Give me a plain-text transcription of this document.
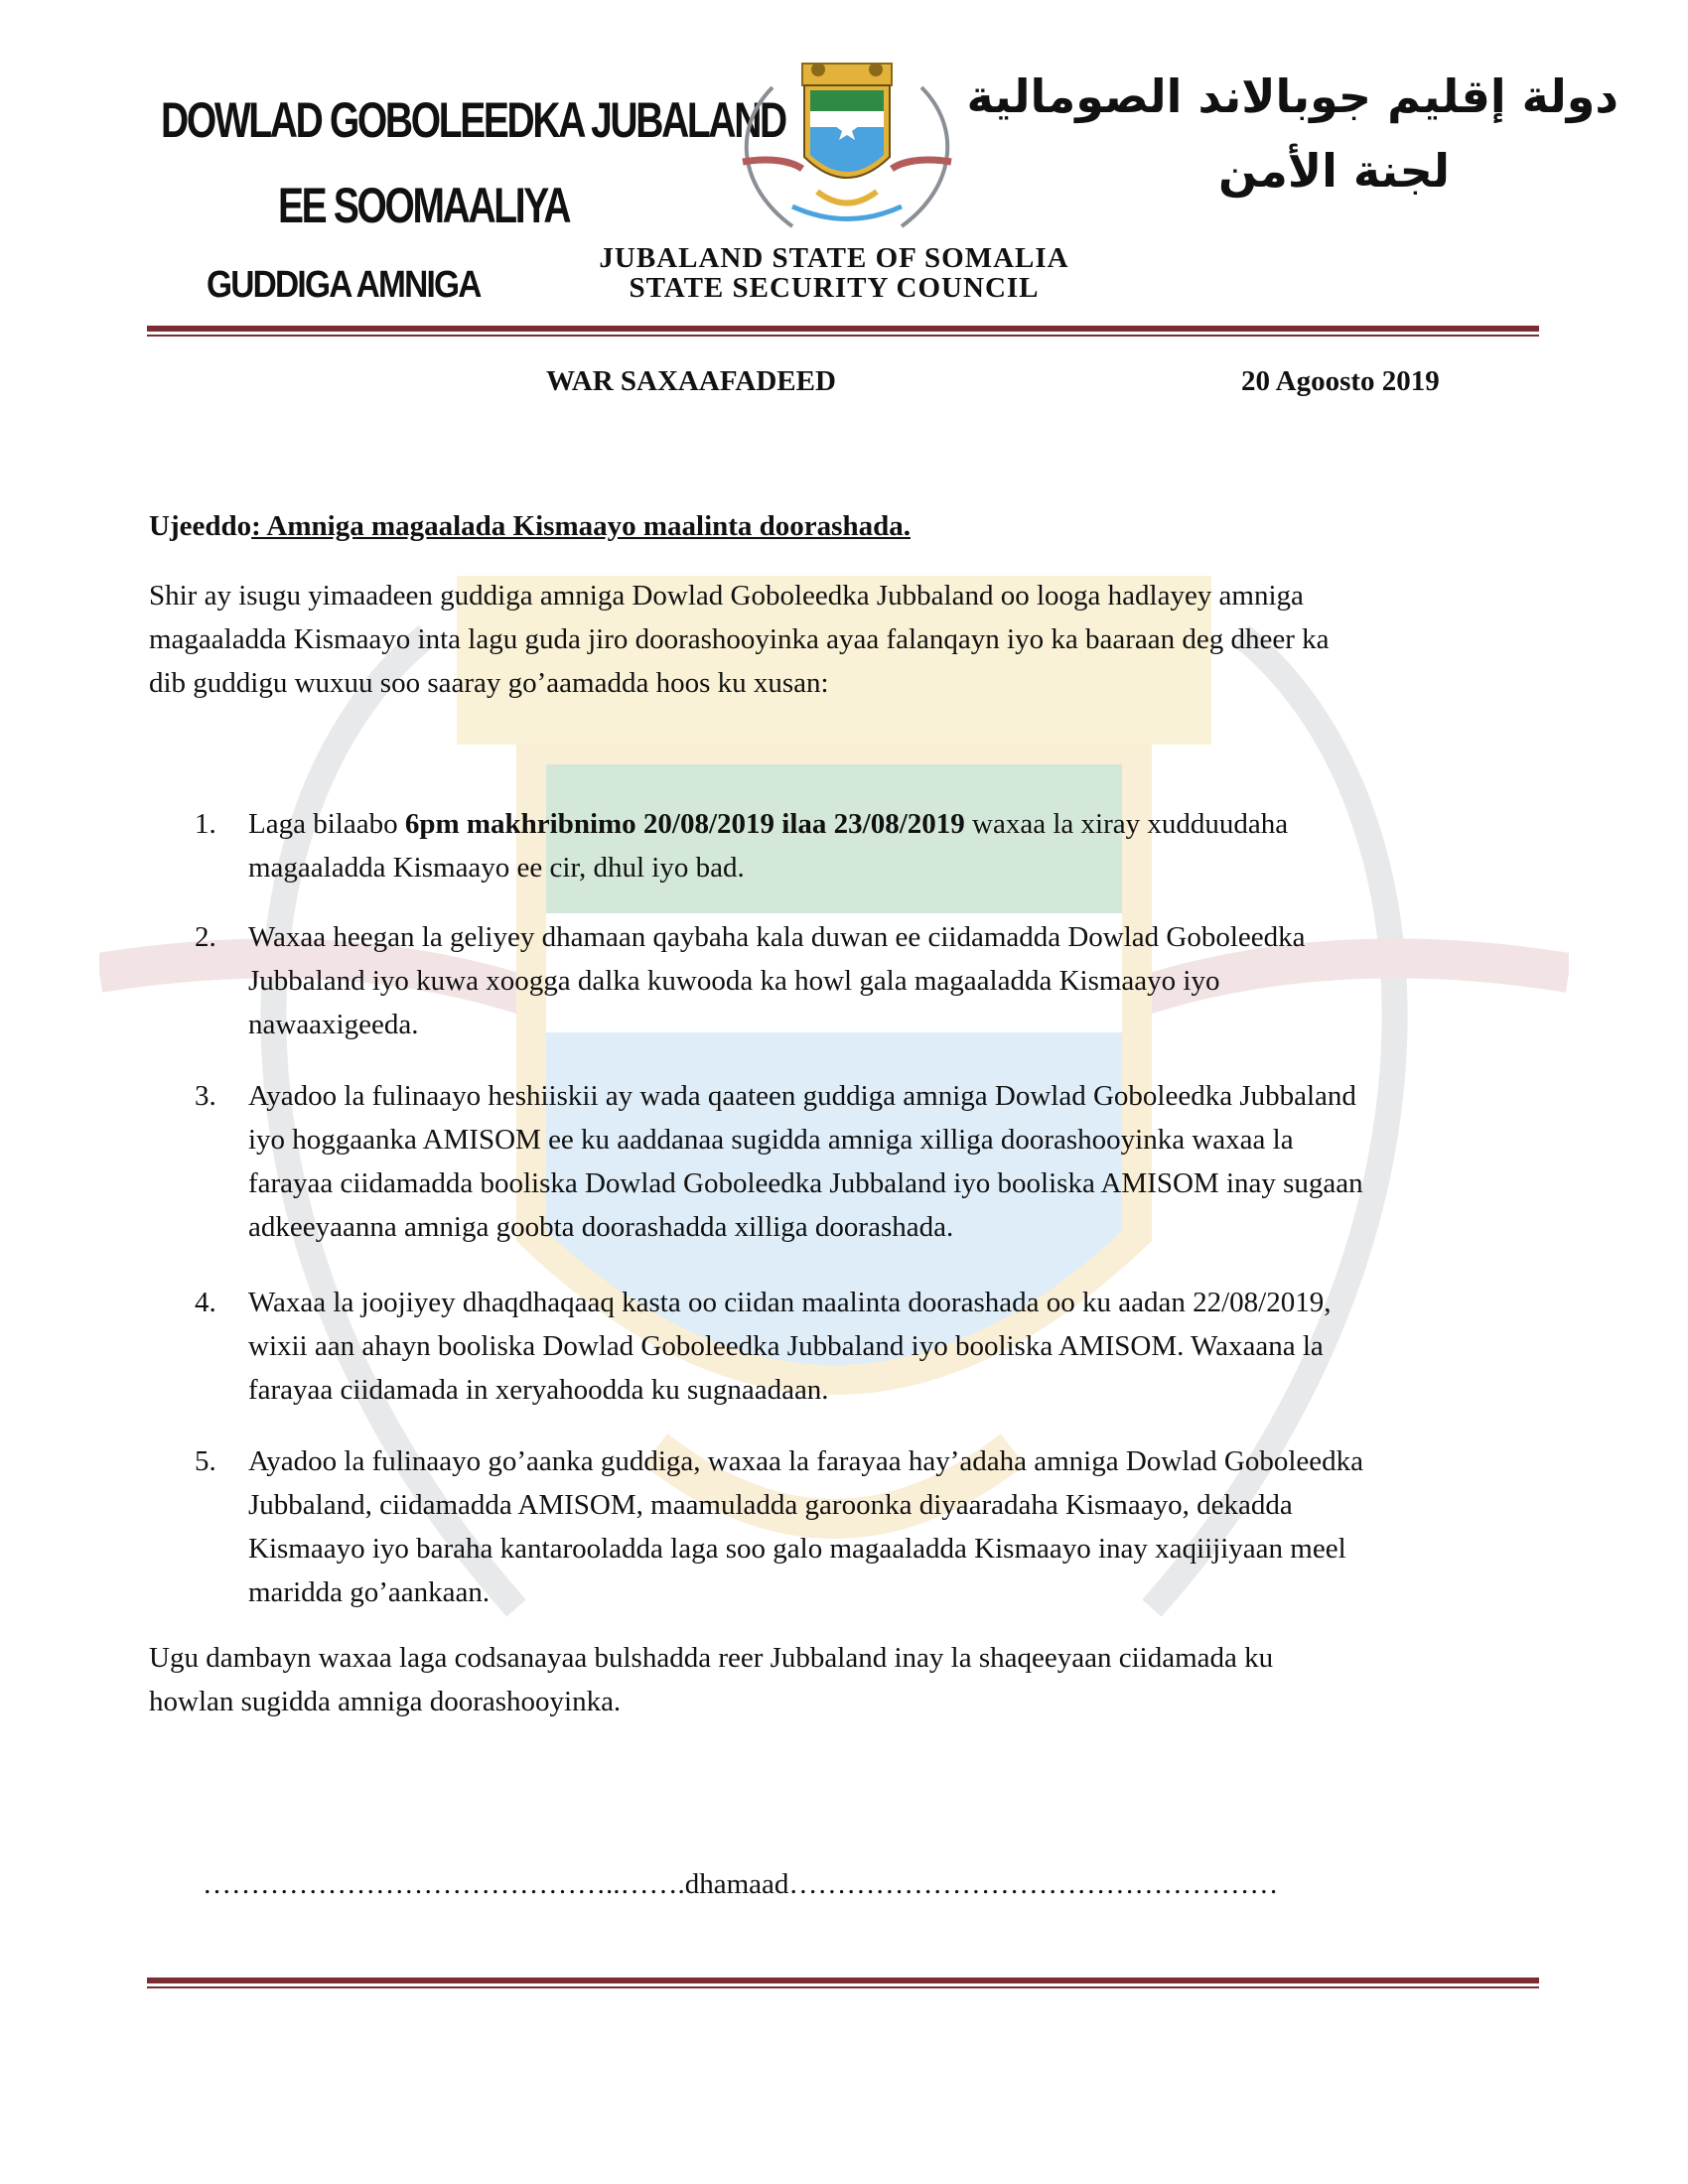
DOWLAD GOBOLEEDKA JUBALAND
EE SOOMAALIYA
GUDDIGA AMNIGA
دولة إقليم جوبالاند الصومالية
لجنة الأمن
JUBALAND STATE OF SOMALIA
STATE SECURITY COUNCIL
WAR SAXAAFADEED	20 Agoosto 2019
Ujeeddo: Amniga magaalada Kismaayo maalinta doorashada.
Shir ay isugu yimaadeen guddiga amniga Dowlad Goboleedka Jubbaland oo looga hadlayey amniga
magaaladda Kismaayo inta lagu guda jiro doorashooyinka ayaa falanqayn iyo ka baaraan deg dheer ka
dib guddigu wuxuu soo saaray go’aamadda hoos ku xusan:
1.	Laga bilaabo 6pm makhribnimo 20/08/2019 ilaa 23/08/2019 waxaa la xiray xudduudaha
magaaladda Kismaayo ee cir, dhul iyo bad.
2.	Waxaa heegan la geliyey dhamaan qaybaha kala duwan ee ciidamadda Dowlad Goboleedka
Jubbaland iyo kuwa xoogga dalka kuwooda ka howl gala magaaladda Kismaayo iyo
nawaaxigeeda.
3.	Ayadoo la fulinaayo heshiiskii ay wada qaateen guddiga amniga Dowlad Goboleedka Jubbaland
iyo hoggaanka AMISOM ee ku aaddanaa sugidda amniga xilliga doorashooyinka waxaa la
farayaa ciidamadda booliska Dowlad Goboleedka Jubbaland iyo booliska AMISOM inay sugaan
adkeeyaanna amniga goobta doorashadda xilliga doorashada.
4.	Waxaa la joojiyey dhaqdhaqaaq kasta oo ciidan maalinta doorashada oo ku aadan 22/08/2019,
wixii aan ahayn booliska Dowlad Goboleedka Jubbaland iyo booliska AMISOM. Waxaana la
farayaa ciidamada in xeryahoodda ku sugnaadaan.
5.	Ayadoo la fulinaayo go’aanka guddiga, waxaa la farayaa hay’adaha amniga Dowlad Goboleedka
Jubbaland, ciidamadda AMISOM, maamuladda garoonka diyaaradaha Kismaayo, dekadda
Kismaayo iyo baraha kantarooladda laga soo galo magaaladda Kismaayo inay xaqiijiyaan meel
maridda go’aankaan.
Ugu dambayn waxaa laga codsanayaa bulshadda reer Jubbaland inay la shaqeeyaan ciidamada ku
howlan sugidda amniga doorashooyinka.
……………………………………..…….dhamaad……………………………………………
